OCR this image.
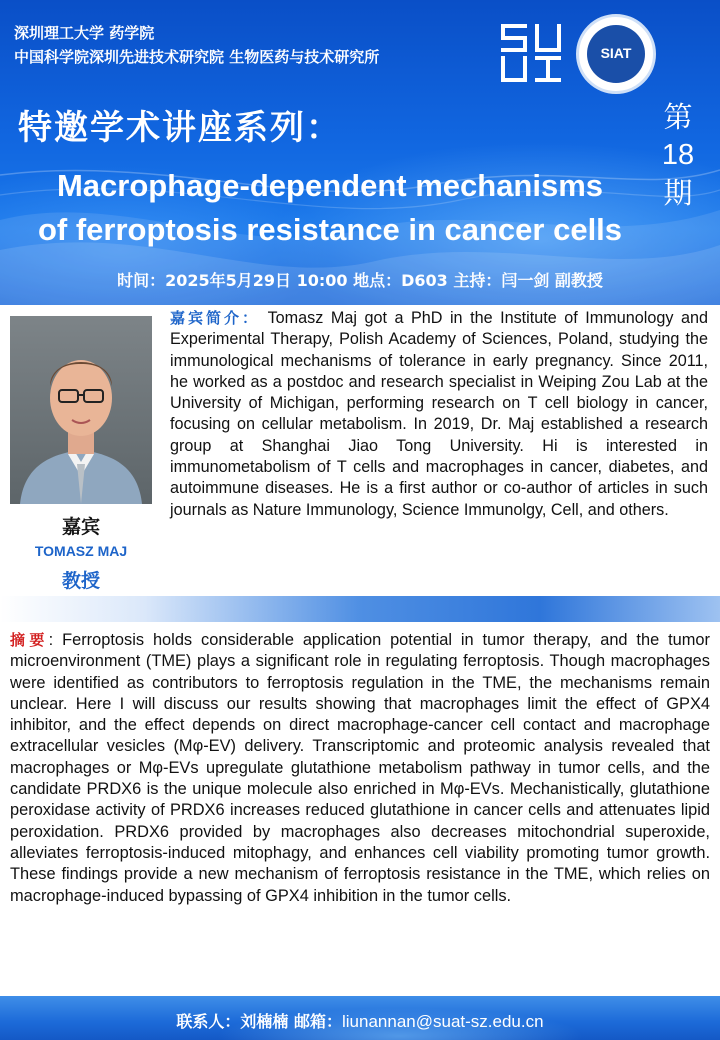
深圳理工大学 药学院
中国科学院深圳先进技术研究院 生物医药与技术研究所	SIAT
特邀学术讲座系列：	第
18
期
Macrophage-dependent mechanisms
of ferroptosis resistance in cancer cells
时间：2025年5月29日 10:00 地点：D603 主持：闫一剑 副教授
嘉宾
TOMASZ MAJ
教授
嘉宾简介： Tomasz Maj got a PhD in the Institute of Immunology and Experimental Therapy, Polish Academy of Sciences, Poland, studying the immunological mechanisms of tolerance in early pregnancy. Since 2011, he worked as a postdoc and research specialist in Weiping Zou Lab at the University of Michigan, performing research on T cell biology in cancer, focusing on cellular metabolism. In 2019, Dr. Maj established a research group at Shanghai Jiao Tong University. Hi is interested in immunometabolism of T cells and macrophages in cancer, diabetes, and autoimmune diseases. He is a first author or co-author of articles in such journals as Nature Immunology, Science Immunolgy, Cell, and others.
摘要: Ferroptosis holds considerable application potential in tumor therapy, and the tumor microenvironment (TME) plays a significant role in regulating ferroptosis. Though macrophages were identified as contributors to ferroptosis regulation in the TME, the mechanisms remain unclear. Here I will discuss our results showing that macrophages limit the effect of GPX4 inhibitor, and the effect depends on direct macrophage-cancer cell contact and macrophage extracellular vesicles (Mφ-EV) delivery. Transcriptomic and proteomic analysis revealed that macrophages or Mφ-EVs upregulate glutathione metabolism pathway in tumor cells, and the candidate PRDX6 is the unique molecule also enriched in Mφ-EVs. Mechanistically, glutathione peroxidase activity of PRDX6 increases reduced glutathione in cancer cells and attenuates lipid peroxidation. PRDX6 provided by macrophages also decreases mitochondrial superoxide, alleviates ferroptosis-induced mitophagy, and enhances cell viability promoting tumor growth. These findings provide a new mechanism of ferroptosis resistance in the TME, which relies on macrophage-induced bypassing of GPX4 inhibition in the tumor cells.
联系人：刘楠楠 邮箱：liunannan@suat-sz.edu.cn
